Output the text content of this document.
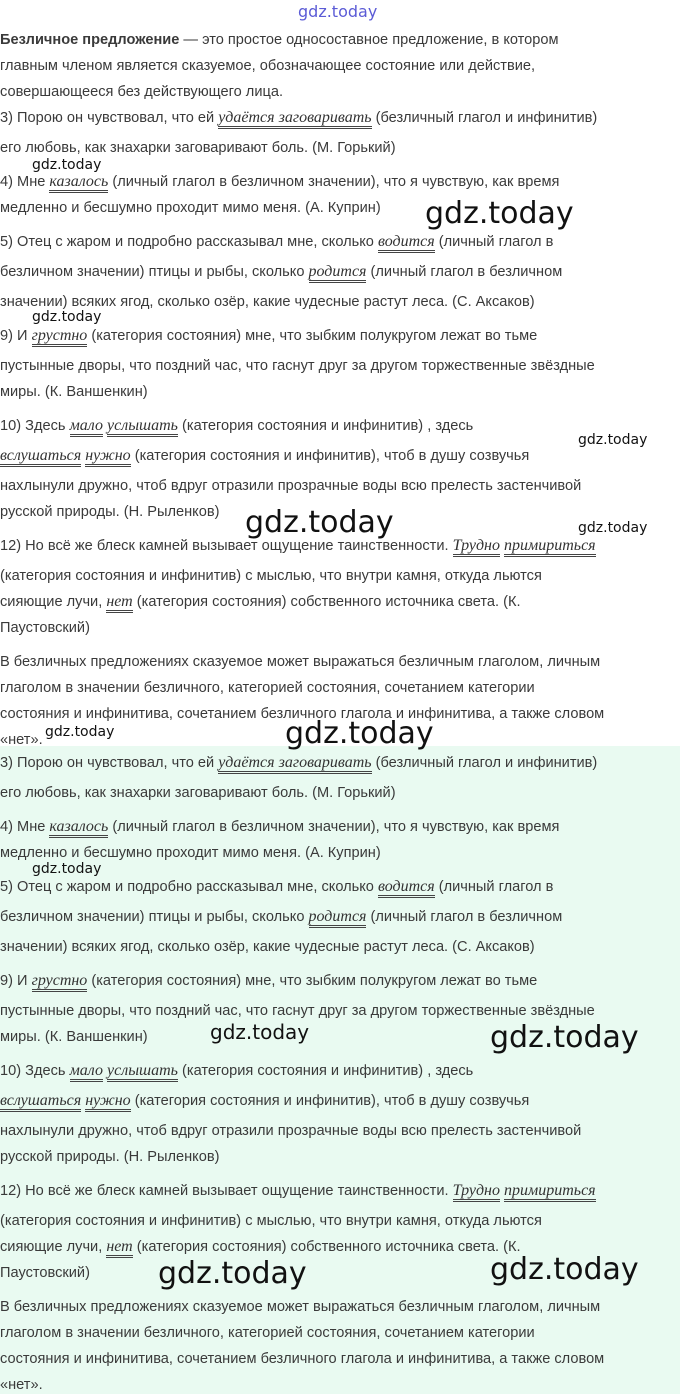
Безличное предложение — это простое односоставное предложение, в котором
главным членом является сказуемое, обозначающее состояние или действие,
совершающееся без действующего лица.
3) Порою он чувствовал, что ей удаётся заговаривать (безличный глагол и инфинитив)
его любовь, как знахарки заговаривают боль. (М. Горький)
4) Мне казалось (личный глагол в безличном значении), что я чувствую, как время
медленно и бесшумно проходит мимо меня. (А. Куприн)
5) Отец с жаром и подробно рассказывал мне, сколько водится (личный глагол в
безличном значении) птицы и рыбы, сколько родится (личный глагол в безличном
значении) всяких ягод, сколько озёр, какие чудесные растут леса. (С. Аксаков)
9) И грустно (категория состояния) мне, что зыбким полукругом лежат во тьме
пустынные дворы, что поздний час, что гаснут друг за другом торжественные звёздные
миры. (К. Ваншенкин)
10) Здесь мало услышать (категория состояния и инфинитив) , здесь
вслушаться нужно (категория состояния и инфинитив), чтоб в душу созвучья
нахлынули дружно, чтоб вдруг отразили прозрачные воды всю прелесть застенчивой
русской природы. (Н. Рыленков)
12) Но всё же блеск камней вызывает ощущение таинственности. Трудно примириться
(категория состояния и инфинитив) с мыслью, что внутри камня, откуда льются
сияющие лучи, нет (категория состояния) собственного источника света. (К.
Паустовский)
В безличных предложениях сказуемое может выражаться безличным глаголом, личным
глаголом в значении безличного, категорией состояния, сочетанием категории
состояния и инфинитива, сочетанием безличного глагола и инфинитива, а также словом
«нет».
3) Порою он чувствовал, что ей удаётся заговаривать (безличный глагол и инфинитив)
его любовь, как знахарки заговаривают боль. (М. Горький)
4) Мне казалось (личный глагол в безличном значении), что я чувствую, как время
медленно и бесшумно проходит мимо меня. (А. Куприн)
5) Отец с жаром и подробно рассказывал мне, сколько водится (личный глагол в
безличном значении) птицы и рыбы, сколько родится (личный глагол в безличном
значении) всяких ягод, сколько озёр, какие чудесные растут леса. (С. Аксаков)
9) И грустно (категория состояния) мне, что зыбким полукругом лежат во тьме
пустынные дворы, что поздний час, что гаснут друг за другом торжественные звёздные
миры. (К. Ваншенкин)
10) Здесь мало услышать (категория состояния и инфинитив) , здесь
вслушаться нужно (категория состояния и инфинитив), чтоб в душу созвучья
нахлынули дружно, чтоб вдруг отразили прозрачные воды всю прелесть застенчивой
русской природы. (Н. Рыленков)
12) Но всё же блеск камней вызывает ощущение таинственности. Трудно примириться
(категория состояния и инфинитив) с мыслью, что внутри камня, откуда льются
сияющие лучи, нет (категория состояния) собственного источника света. (К.
Паустовский)
В безличных предложениях сказуемое может выражаться безличным глаголом, личным
глаголом в значении безличного, категорией состояния, сочетанием категории
состояния и инфинитива, сочетанием безличного глагола и инфинитива, а также словом
«нет».
gdz.today
gdz.today
gdz.today
gdz.today
gdz.today
gdz.today	gdz.today
gdz.today	gdz.today
gdz.today
gdz.today
gdz.today
gdz.today	gdz.today
